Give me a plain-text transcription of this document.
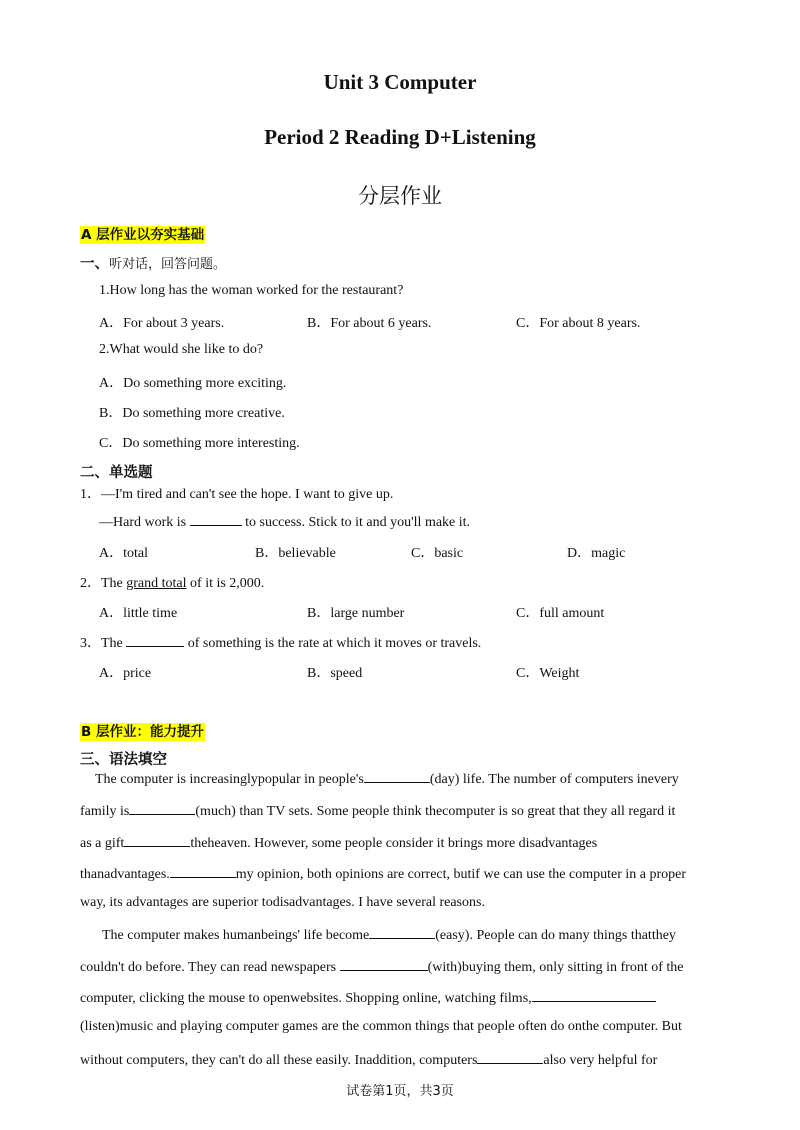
Unit 3 Computer
Period 2 Reading D+Listening
分层作业
A 层作业以夯实基础
一、听对话，回答问题。
1.How long has the woman worked for the restaurant?
A．For about 3 years.	B．For about 6 years.	C．For about 8 years.
2.What would she like to do?
A．Do something more exciting.
B．Do something more creative.
C．Do something more interesting.
二、单选题
1．—I'm tired and can't see the hope. I want to give up.
—Hard work is	to success. Stick to it and you'll make it.
A．total	B．believable	C．basic	D．magic
2．The grand total of it is 2,000.
A．little time	B．large number	C．full amount
3．The	of something is the rate at which it moves or travels.
A．price	B．speed	C．Weight
B 层作业：能力提升
三、语法填空
The computer is increasinglypopular in people's	(day) life. The number of computers inevery
family is	(much) than TV sets. Some people think thecomputer is so great that they all regard it
as a gift	theheaven. However, some people consider it brings more disadvantages
thanadvantages.	my opinion, both opinions are correct, butif we can use the computer in a proper
way, its advantages are superior todisadvantages. I have several reasons.
The computer makes humanbeings' life become	(easy). People can do many things thatthey
couldn't do before. They can read newspapers	(with)buying them, only sitting in front of the
computer, clicking the mouse to openwebsites. Shopping online, watching films,
(listen)music and playing computer games are the common things that people often do onthe computer. But
without computers, they can't do all these easily. Inaddition, computers	also very helpful for
试卷第1页，共3页
